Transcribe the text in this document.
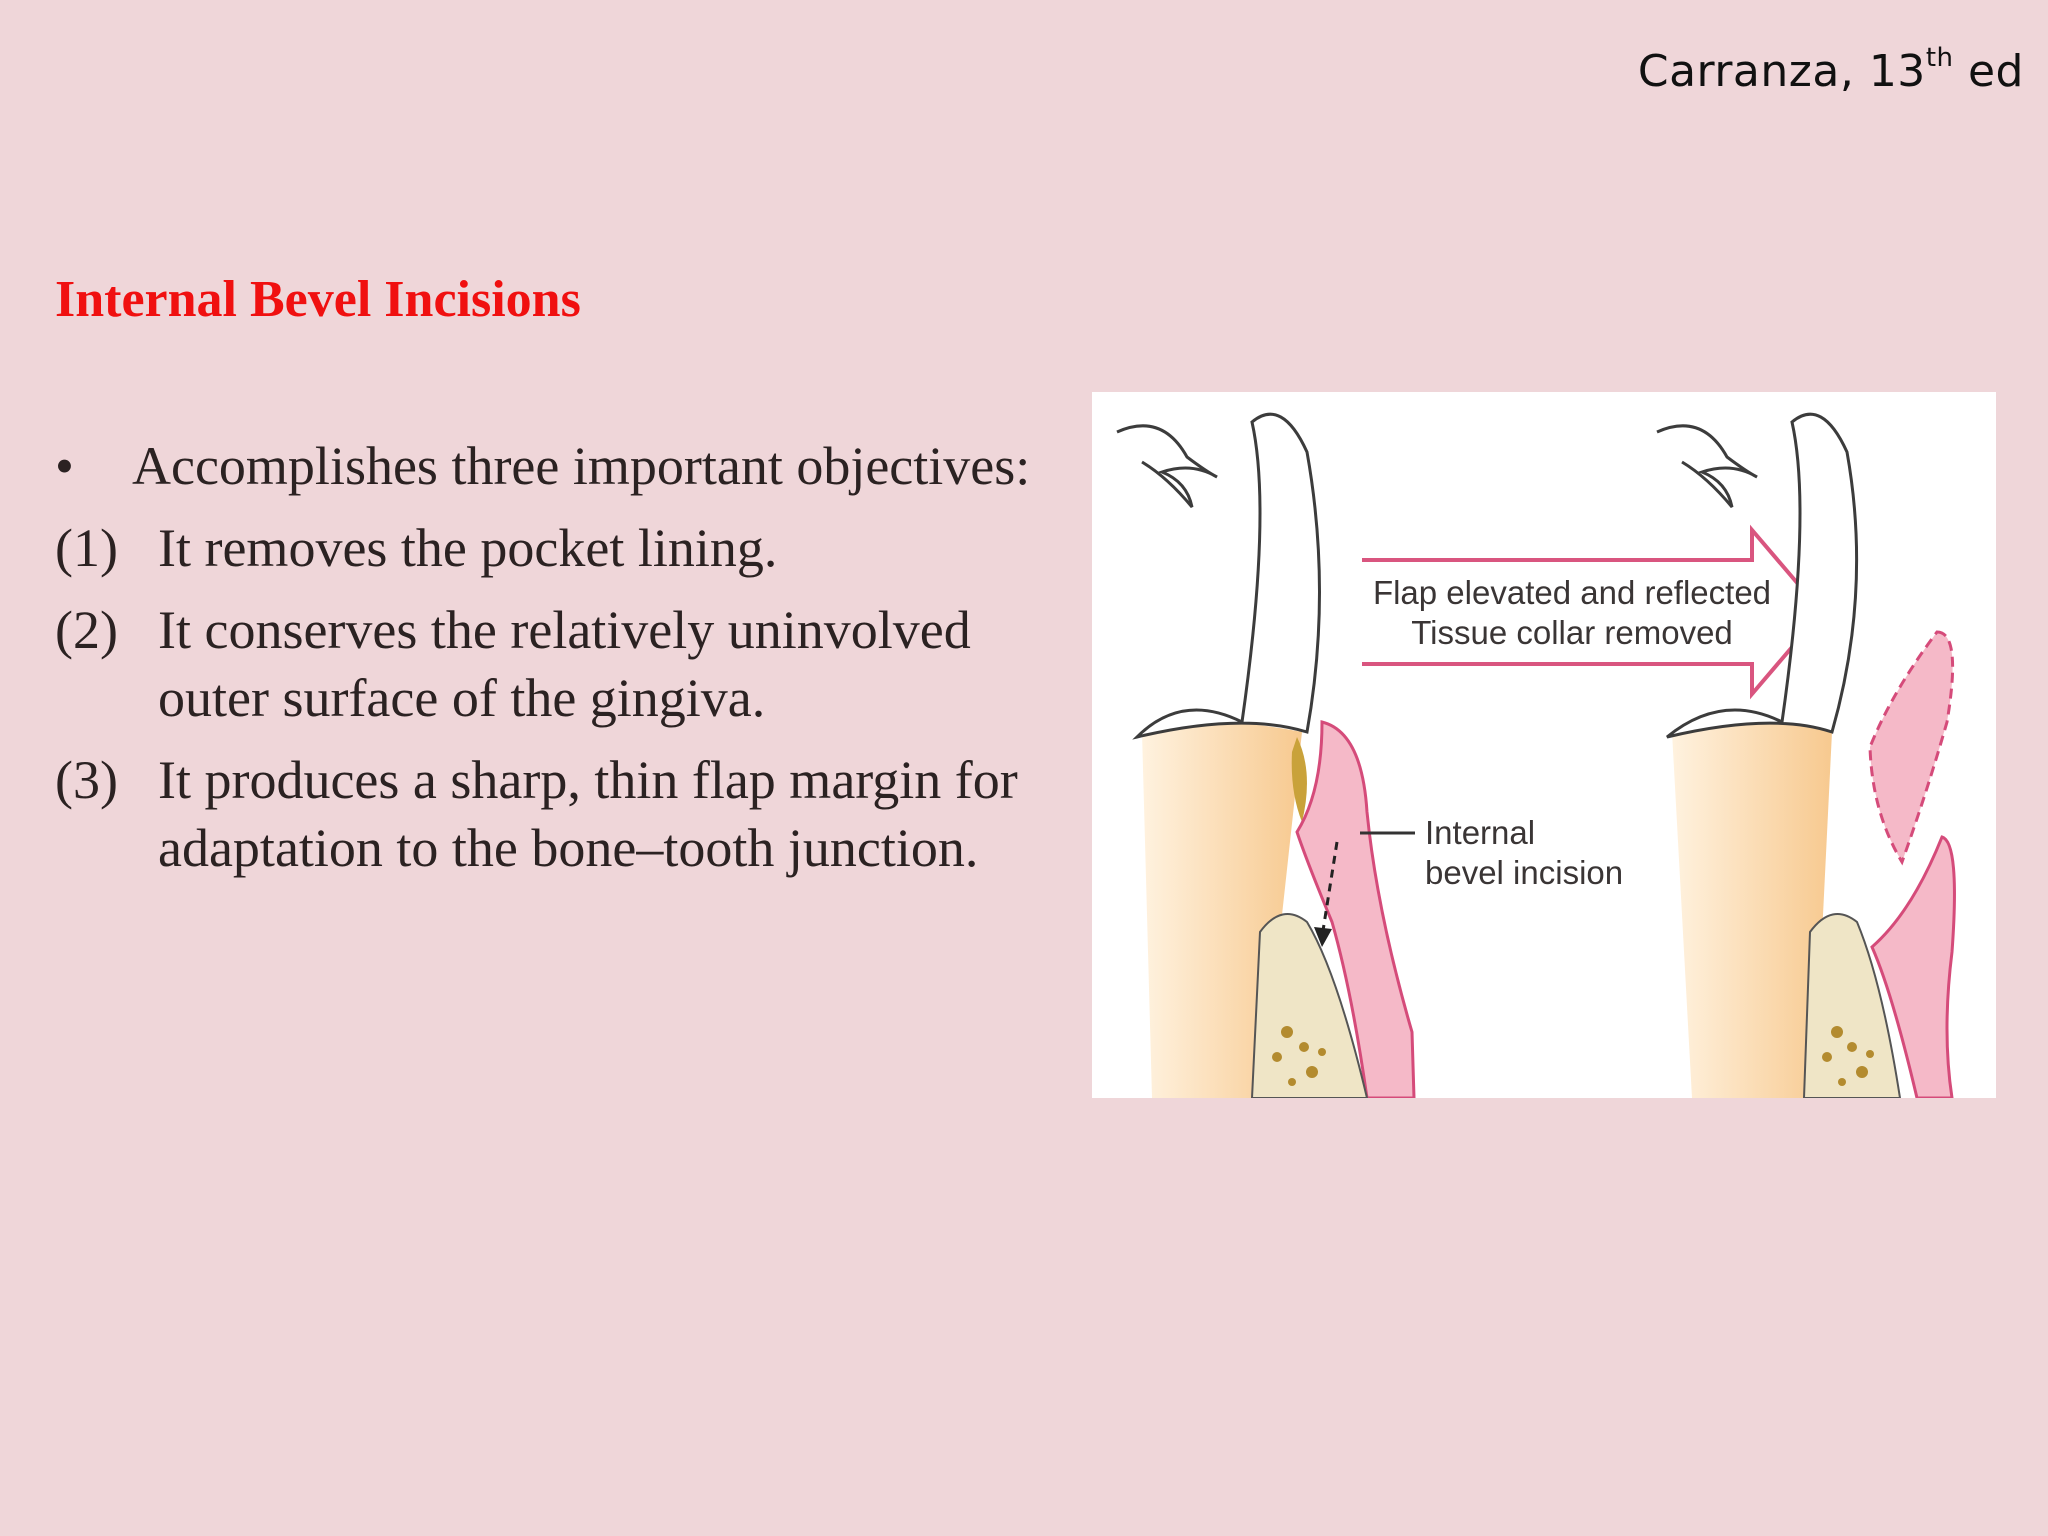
Carranza, 13th ed
Internal Bevel Incisions
•	Accomplishes three important objectives:
(1) It removes the pocket lining.
(2) It conserves the relatively uninvolved outer surface of the gingiva.
(3) It produces a sharp, thin flap margin for adaptation to the bone–tooth junction.
Flap elevated and reflected
Tissue collar removed
Internal
bevel incision
